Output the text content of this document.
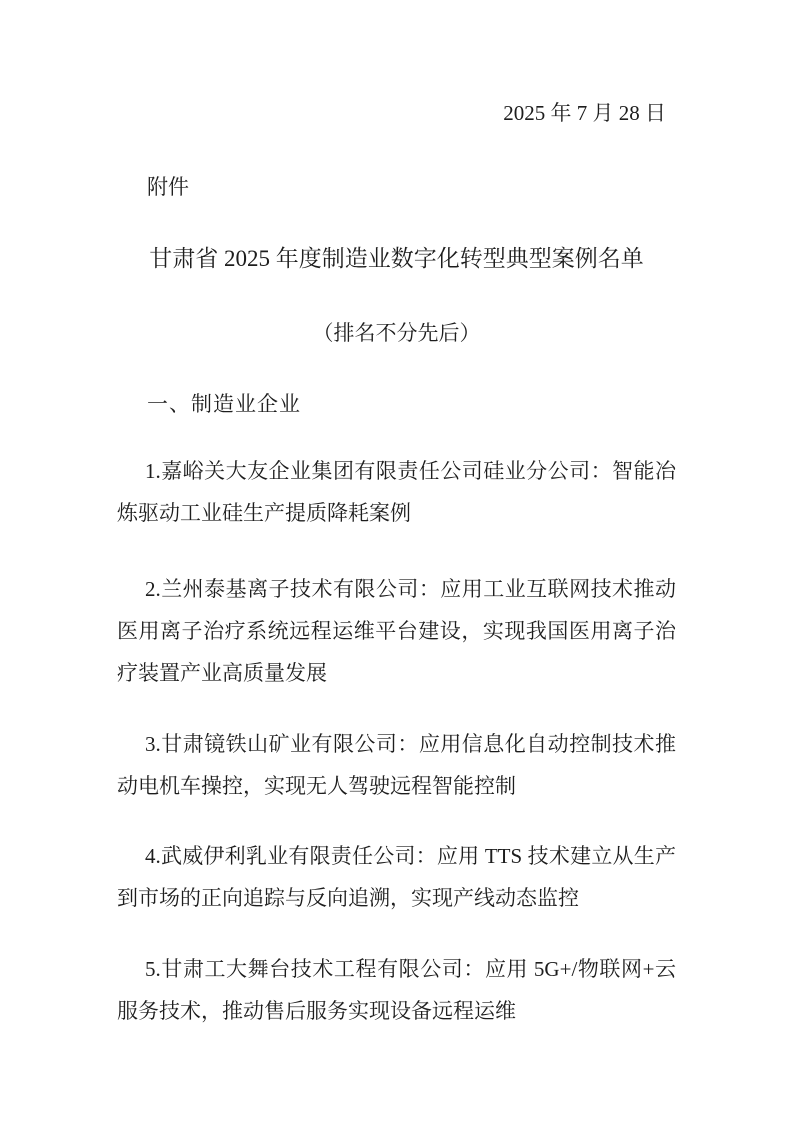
2025 年 7 月 28 日

附件

甘肃省 2025 年度制造业数字化转型典型案例名单

（排名不分先后）

一、制造业企业

1.嘉峪关大友企业集团有限责任公司硅业分公司：智能冶炼驱动工业硅生产提质降耗案例

2.兰州泰基离子技术有限公司：应用工业互联网技术推动医用离子治疗系统远程运维平台建设，实现我国医用离子治疗装置产业高质量发展

3.甘肃镜铁山矿业有限公司：应用信息化自动控制技术推动电机车操控，实现无人驾驶远程智能控制

4.武威伊利乳业有限责任公司：应用 TTS 技术建立从生产到市场的正向追踪与反向追溯，实现产线动态监控

5.甘肃工大舞台技术工程有限公司：应用 5G+/物联网+云服务技术，推动售后服务实现设备远程运维
